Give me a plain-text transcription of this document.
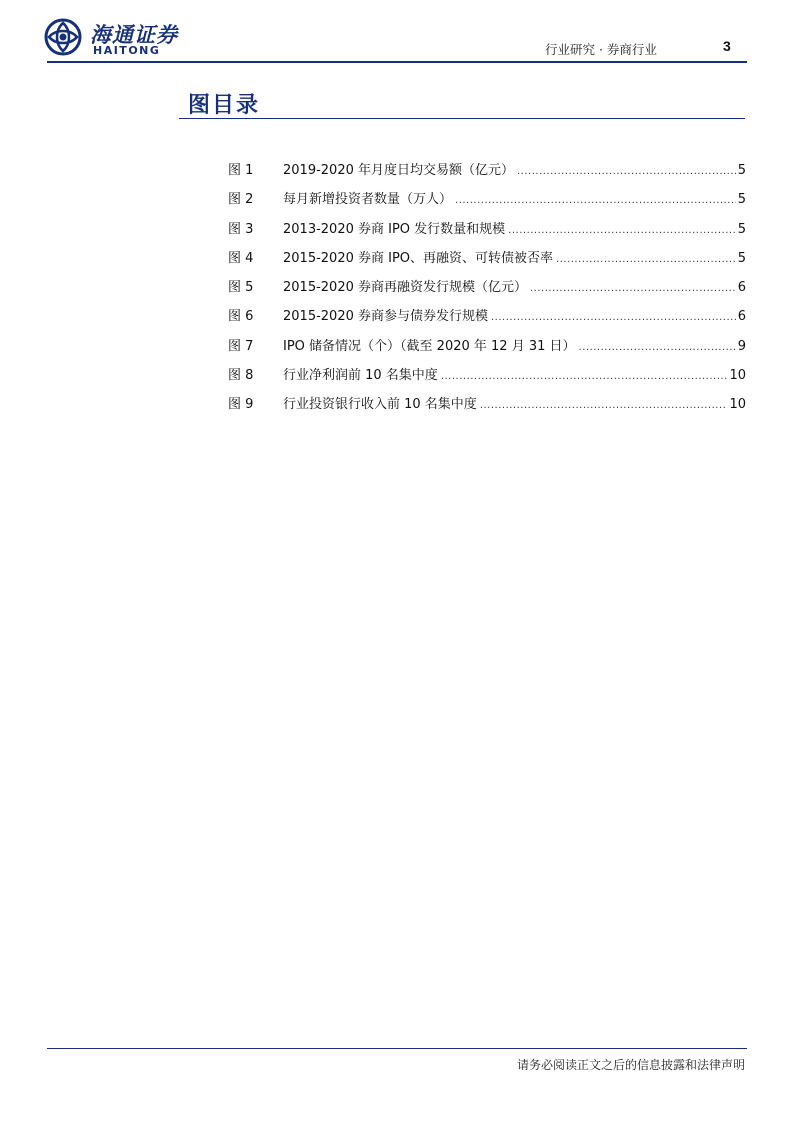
海通证券
HAITONG	行业研究 · 券商行业	3
图目录
图 1	2019-2020 年月度日均交易额（亿元） .....	5
图 2	每月新增投资者数量（万人） .....	5
图 3	2013-2020 券商 IPO 发行数量和规模 .....	5
图 4	2015-2020 券商 IPO、再融资、可转债被否率 .....	5
图 5	2015-2020 券商再融资发行规模（亿元） .....	6
图 6	2015-2020 券商参与债券发行规模 .....	6
图 7	IPO 储备情况（个）（截至 2020 年 12 月 31 日） .....	9
图 8	行业净利润前 10 名集中度 .....	10
图 9	行业投资银行收入前 10 名集中度 .....	10
请务必阅读正文之后的信息披露和法律声明
